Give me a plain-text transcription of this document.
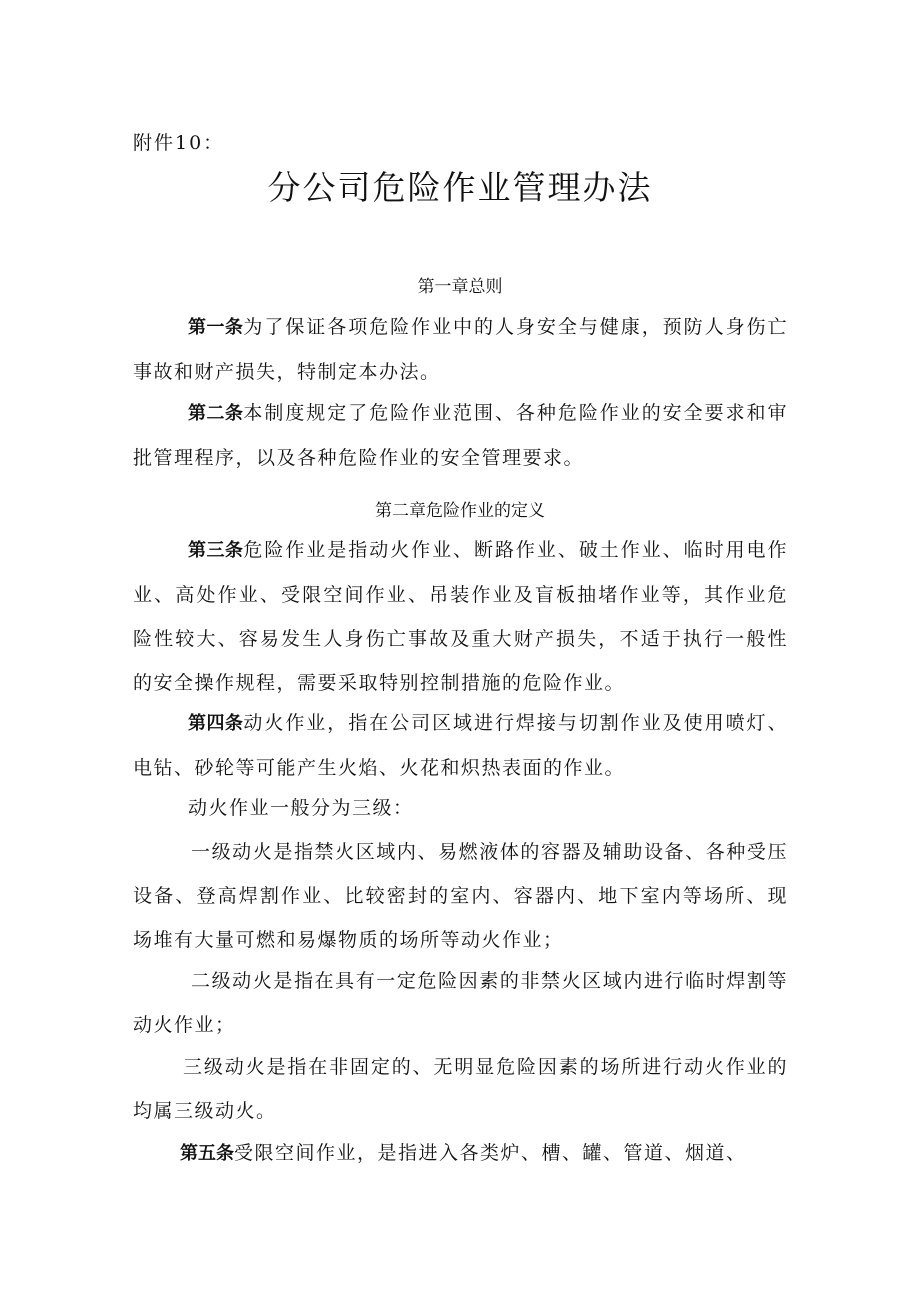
附件10：

分公司危险作业管理办法

第一章总则

第一条为了保证各项危险作业中的人身安全与健康，预防人身伤亡事故和财产损失，特制定本办法。

第二条本制度规定了危险作业范围、各种危险作业的安全要求和审批管理程序，以及各种危险作业的安全管理要求。

第二章危险作业的定义

第三条危险作业是指动火作业、断路作业、破土作业、临时用电作业、高处作业、受限空间作业、吊装作业及盲板抽堵作业等，其作业危险性较大、容易发生人身伤亡事故及重大财产损失，不适于执行一般性的安全操作规程，需要采取特别控制措施的危险作业。

第四条动火作业，指在公司区域进行焊接与切割作业及使用喷灯、电钻、砂轮等可能产生火焰、火花和炽热表面的作业。

动火作业一般分为三级：

一级动火是指禁火区域内、易燃液体的容器及辅助设备、各种受压设备、登高焊割作业、比较密封的室内、容器内、地下室内等场所、现场堆有大量可燃和易爆物质的场所等动火作业；

二级动火是指在具有一定危险因素的非禁火区域内进行临时焊割等动火作业；

三级动火是指在非固定的、无明显危险因素的场所进行动火作业的均属三级动火。

第五条受限空间作业，是指进入各类炉、槽、罐、管道、烟道、
